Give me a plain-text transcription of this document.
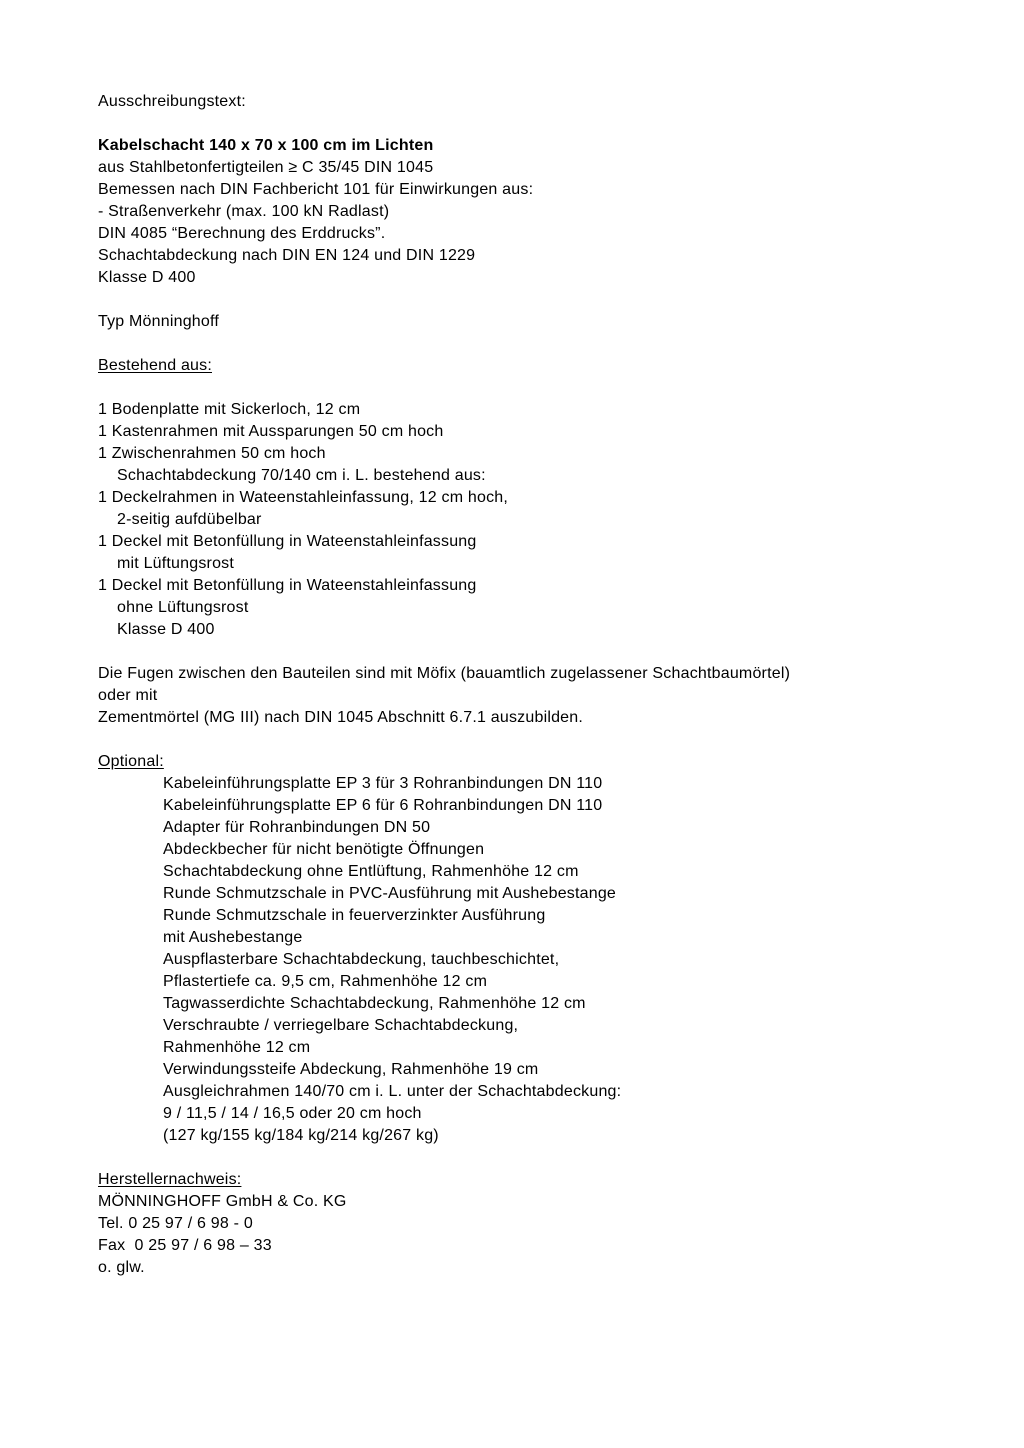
Ausschreibungstext:
Kabelschacht 140 x 70 x 100 cm im Lichten
aus Stahlbetonfertigteilen ≥ C 35/45 DIN 1045
Bemessen nach DIN Fachbericht 101 für Einwirkungen aus:
- Straßenverkehr (max. 100 kN Radlast)
DIN 4085 “Berechnung des Erddrucks”.
Schachtabdeckung nach DIN EN 124 und DIN 1229
Klasse D 400
Typ Mönninghoff
Bestehend aus:
1 Bodenplatte mit Sickerloch, 12 cm
1 Kastenrahmen mit Aussparungen 50 cm hoch
1 Zwischenrahmen 50 cm hoch
Schachtabdeckung 70/140 cm i. L. bestehend aus:
1 Deckelrahmen in Wateenstahleinfassung, 12 cm hoch,
2-seitig aufdübelbar
1 Deckel mit Betonfüllung in Wateenstahleinfassung
mit Lüftungsrost
1 Deckel mit Betonfüllung in Wateenstahleinfassung
ohne Lüftungsrost
Klasse D 400
Die Fugen zwischen den Bauteilen sind mit Möfix (bauamtlich zugelassener Schachtbaumörtel)
oder mit
Zementmörtel (MG III) nach DIN 1045 Abschnitt 6.7.1 auszubilden.
Optional:
Kabeleinführungsplatte EP 3 für 3 Rohranbindungen DN 110
Kabeleinführungsplatte EP 6 für 6 Rohranbindungen DN 110
Adapter für Rohranbindungen DN 50
Abdeckbecher für nicht benötigte Öffnungen
Schachtabdeckung ohne Entlüftung, Rahmenhöhe 12 cm
Runde Schmutzschale in PVC-Ausführung mit Aushebestange
Runde Schmutzschale in feuerverzinkter Ausführung
mit Aushebestange
Auspflasterbare Schachtabdeckung, tauchbeschichtet,
Pflastertiefe ca. 9,5 cm, Rahmenhöhe 12 cm
Tagwasserdichte Schachtabdeckung, Rahmenhöhe 12 cm
Verschraubte / verriegelbare Schachtabdeckung,
Rahmenhöhe 12 cm
Verwindungssteife Abdeckung, Rahmenhöhe 19 cm
Ausgleichrahmen 140/70 cm i. L. unter der Schachtabdeckung:
9 / 11,5 / 14 / 16,5 oder 20 cm hoch
(127 kg/155 kg/184 kg/214 kg/267 kg)
Herstellernachweis:
MÖNNINGHOFF GmbH & Co. KG
Tel. 0 25 97 / 6 98 - 0
Fax  0 25 97 / 6 98 – 33
o. glw.
